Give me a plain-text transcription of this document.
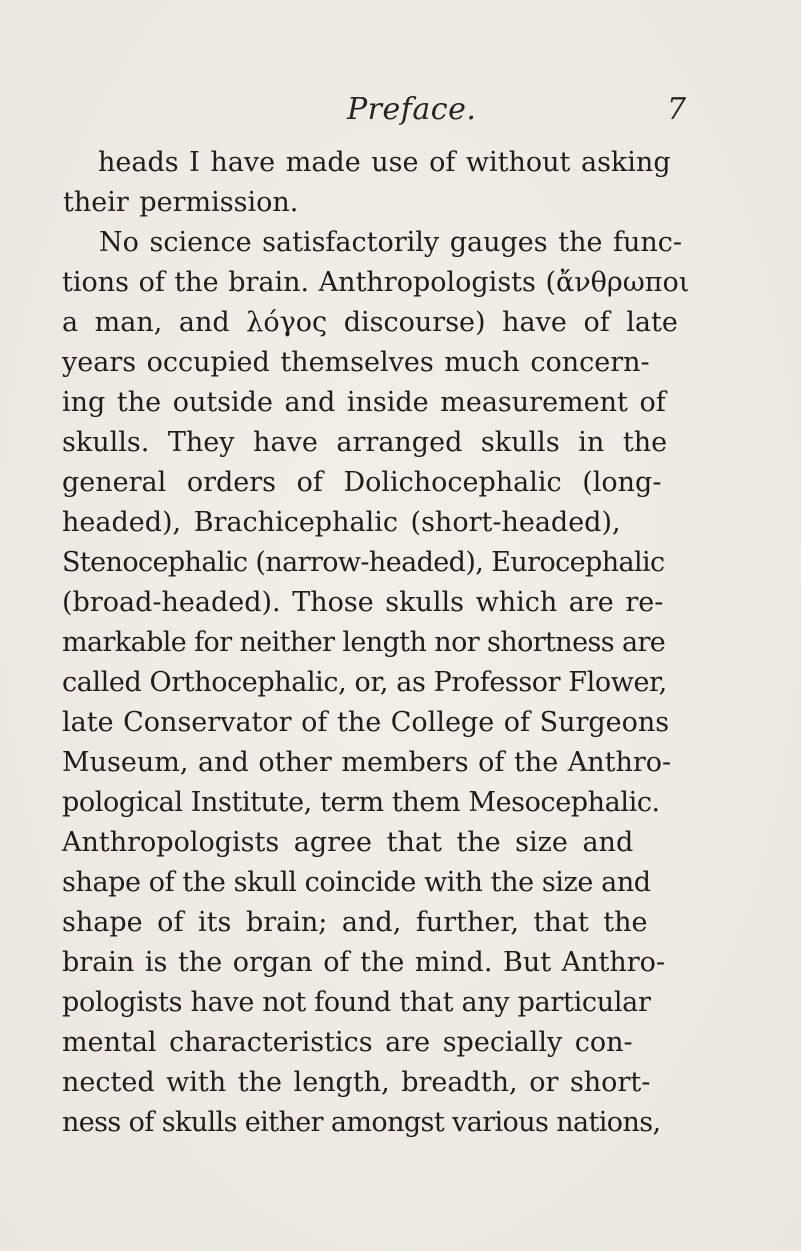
Preface.	7
heads I have made use of without asking
their permission.
No science satisfactorily gauges the func-
tions of the brain. Anthropologists (ἄνθρωποι
a man, and λόγος discourse) have of late
years occupied themselves much concern-
ing the outside and inside measurement of
skulls. They have arranged skulls in the
general orders of Dolichocephalic (long-
headed), Brachicephalic (short-headed),
Stenocephalic (narrow-headed), Eurocephalic
(broad-headed). Those skulls which are re-
markable for neither length nor shortness are
called Orthocephalic, or, as Professor Flower,
late Conservator of the College of Surgeons
Museum, and other members of the Anthro-
pological Institute, term them Mesocephalic.
Anthropologists agree that the size and
shape of the skull coincide with the size and
shape of its brain; and, further, that the
brain is the organ of the mind. But Anthro-
pologists have not found that any particular
mental characteristics are specially con-
nected with the length, breadth, or short-
ness of skulls either amongst various nations,
